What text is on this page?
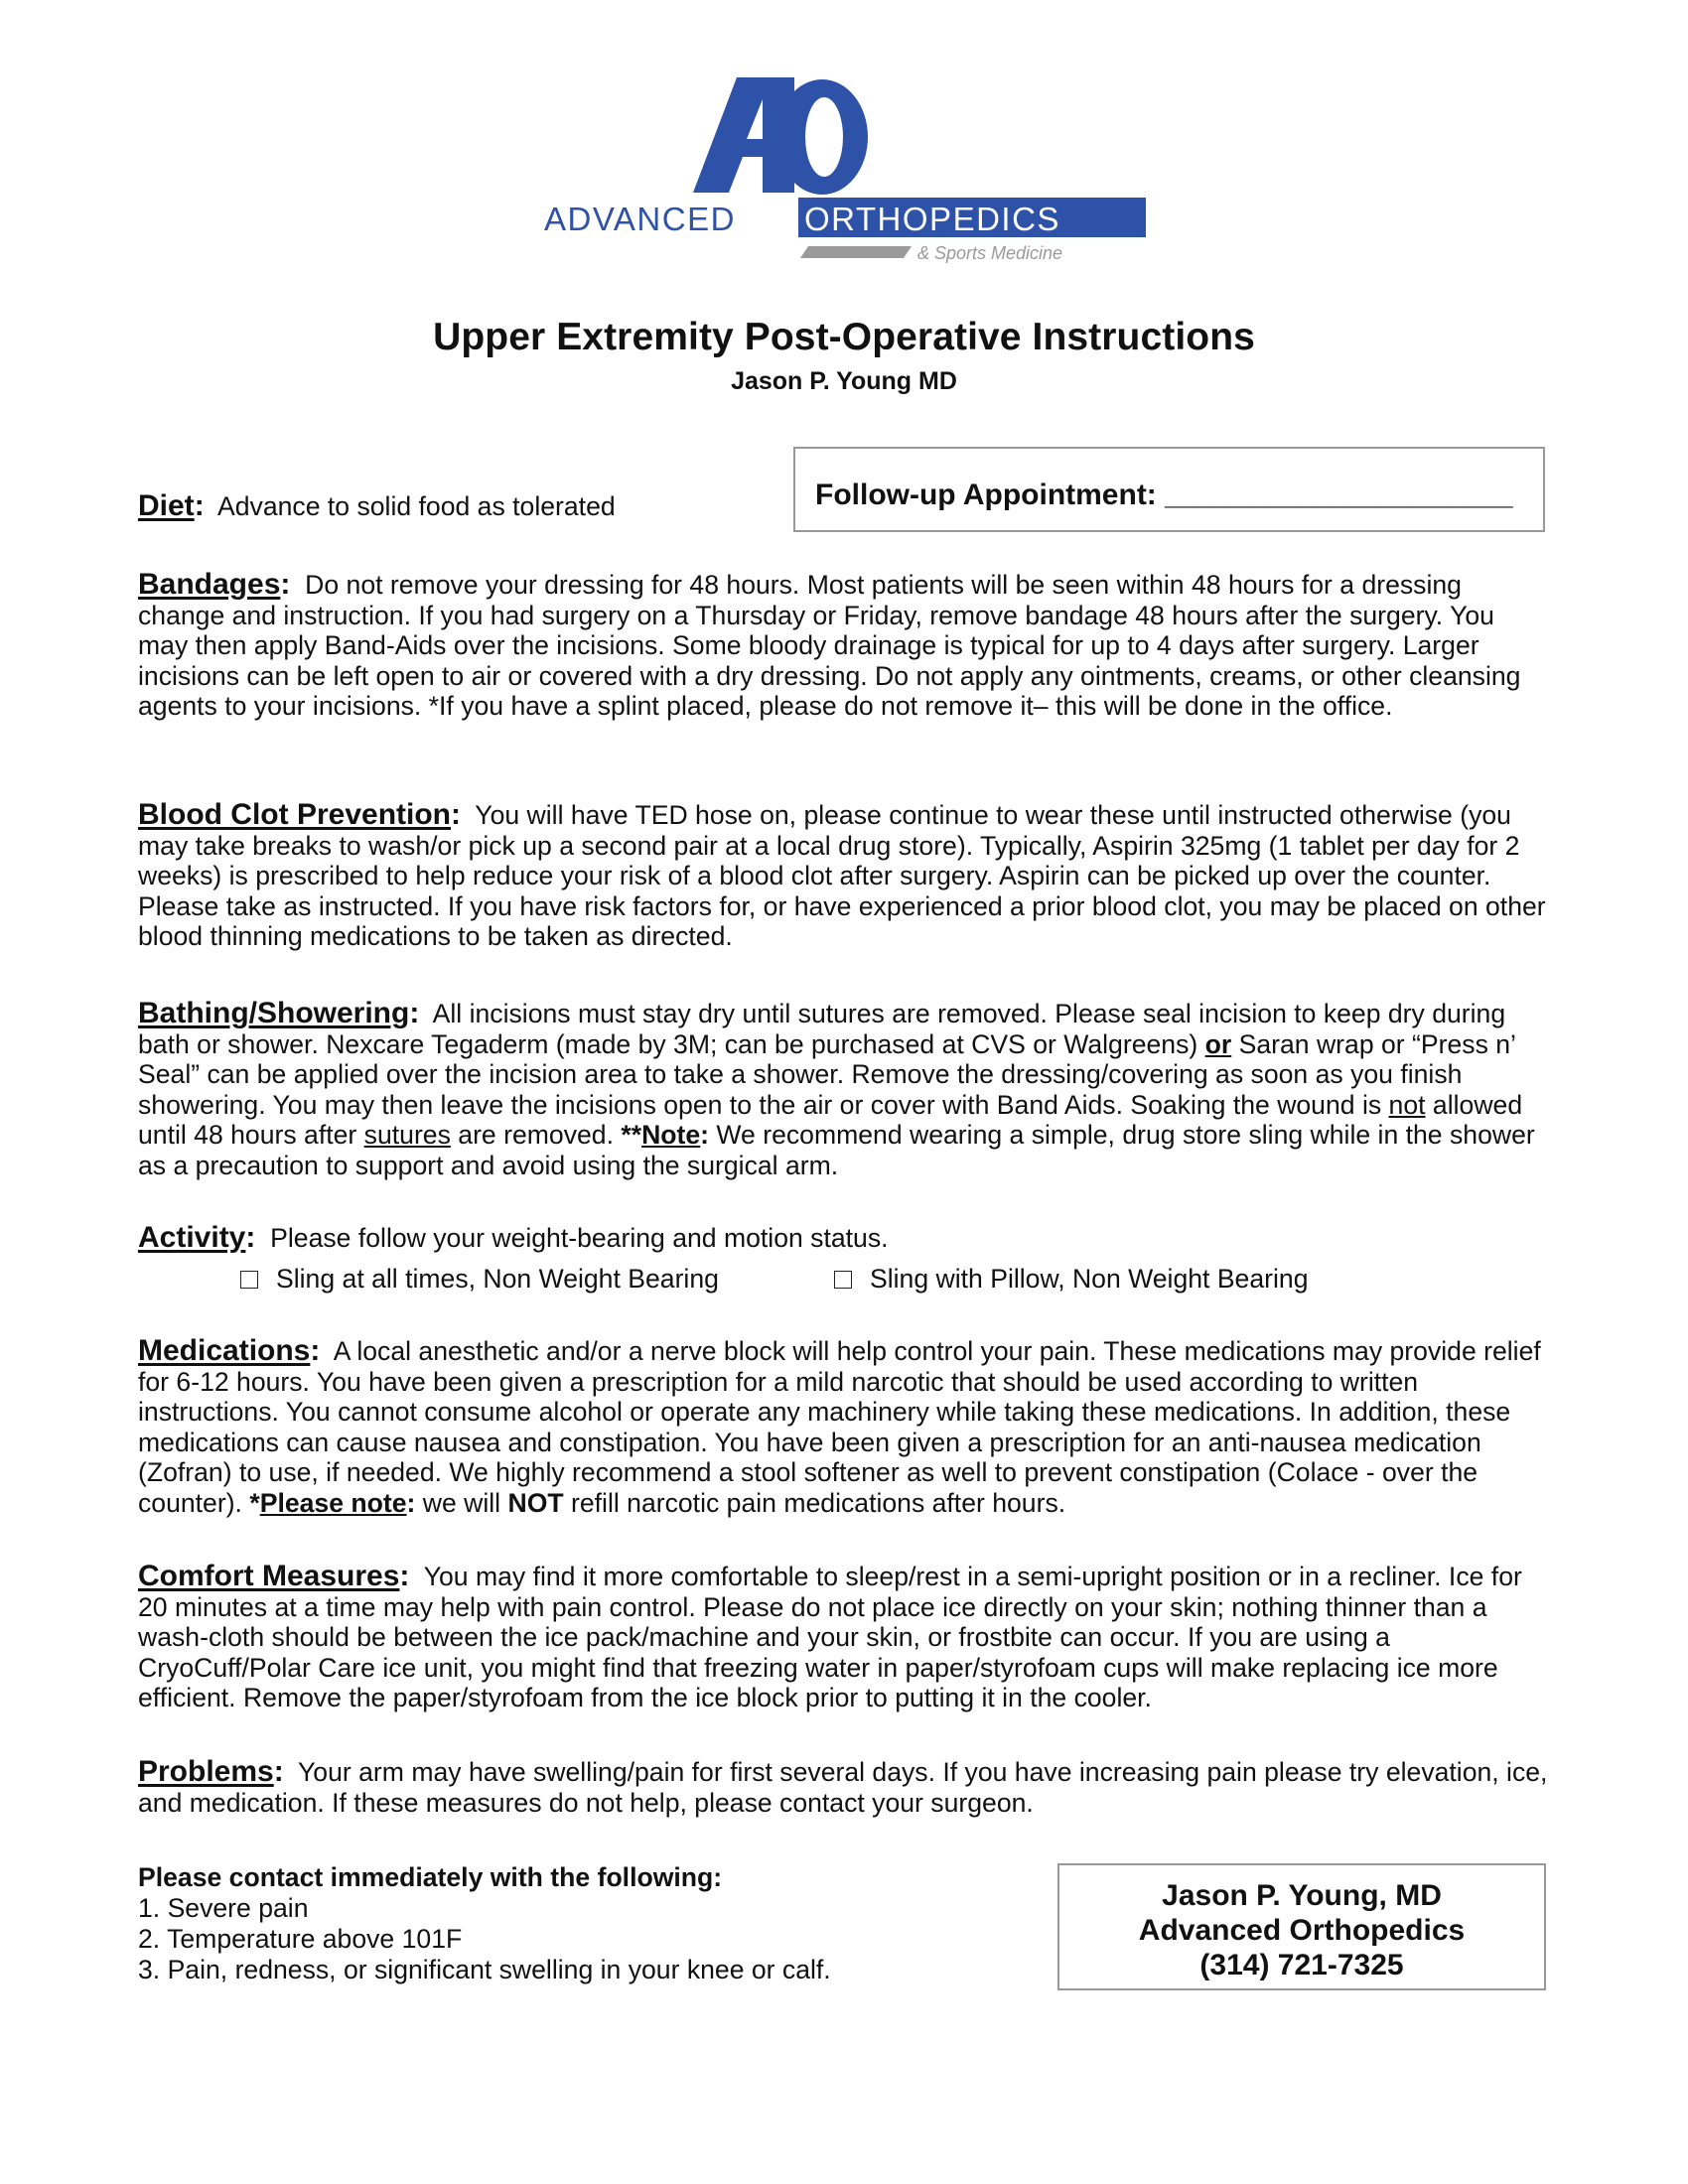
ADVANCED ORTHOPEDICS
& Sports Medicine
Upper Extremity Post-Operative Instructions
Jason P. Young MD
Follow-up Appointment: _____________________
Diet: Advance to solid food as tolerated
Bandages: Do not remove your dressing for 48 hours. Most patients will be seen within 48 hours for a dressing change and instruction. If you had surgery on a Thursday or Friday, remove bandage 48 hours after the surgery. You may then apply Band-Aids over the incisions. Some bloody drainage is typical for up to 4 days after surgery. Larger incisions can be left open to air or covered with a dry dressing. Do not apply any ointments, creams, or other cleansing agents to your incisions. *If you have a splint placed, please do not remove it– this will be done in the office.
Blood Clot Prevention: You will have TED hose on, please continue to wear these until instructed otherwise (you may take breaks to wash/or pick up a second pair at a local drug store). Typically, Aspirin 325mg (1 tablet per day for 2 weeks) is prescribed to help reduce your risk of a blood clot after surgery. Aspirin can be picked up over the counter. Please take as instructed. If you have risk factors for, or have experienced a prior blood clot, you may be placed on other blood thinning medications to be taken as directed.
Bathing/Showering: All incisions must stay dry until sutures are removed. Please seal incision to keep dry during bath or shower. Nexcare Tegaderm (made by 3M; can be purchased at CVS or Walgreens) or Saran wrap or “Press n’ Seal” can be applied over the incision area to take a shower. Remove the dressing/covering as soon as you finish showering. You may then leave the incisions open to the air or cover with Band Aids. Soaking the wound is not allowed until 48 hours after sutures are removed. **Note: We recommend wearing a simple, drug store sling while in the shower as a precaution to support and avoid using the surgical arm.
Activity: Please follow your weight-bearing and motion status.
Sling at all times, Non Weight Bearing	Sling with Pillow, Non Weight Bearing
Medications: A local anesthetic and/or a nerve block will help control your pain. These medications may provide relief for 6-12 hours. You have been given a prescription for a mild narcotic that should be used according to written instructions. You cannot consume alcohol or operate any machinery while taking these medications. In addition, these medications can cause nausea and constipation. You have been given a prescription for an anti-nausea medication (Zofran) to use, if needed. We highly recommend a stool softener as well to prevent constipation (Colace - over the counter). *Please note: we will NOT refill narcotic pain medications after hours.
Comfort Measures: You may find it more comfortable to sleep/rest in a semi-upright position or in a recliner. Ice for 20 minutes at a time may help with pain control. Please do not place ice directly on your skin; nothing thinner than a wash-cloth should be between the ice pack/machine and your skin, or frostbite can occur. If you are using a CryoCuff/Polar Care ice unit, you might find that freezing water in paper/styrofoam cups will make replacing ice more efficient. Remove the paper/styrofoam from the ice block prior to putting it in the cooler.
Problems: Your arm may have swelling/pain for first several days. If you have increasing pain please try elevation, ice, and medication. If these measures do not help, please contact your surgeon.
Please contact immediately with the following:
1. Severe pain
2. Temperature above 101F
3. Pain, redness, or significant swelling in your knee or calf.
Jason P. Young, MD
Advanced Orthopedics
(314) 721-7325
